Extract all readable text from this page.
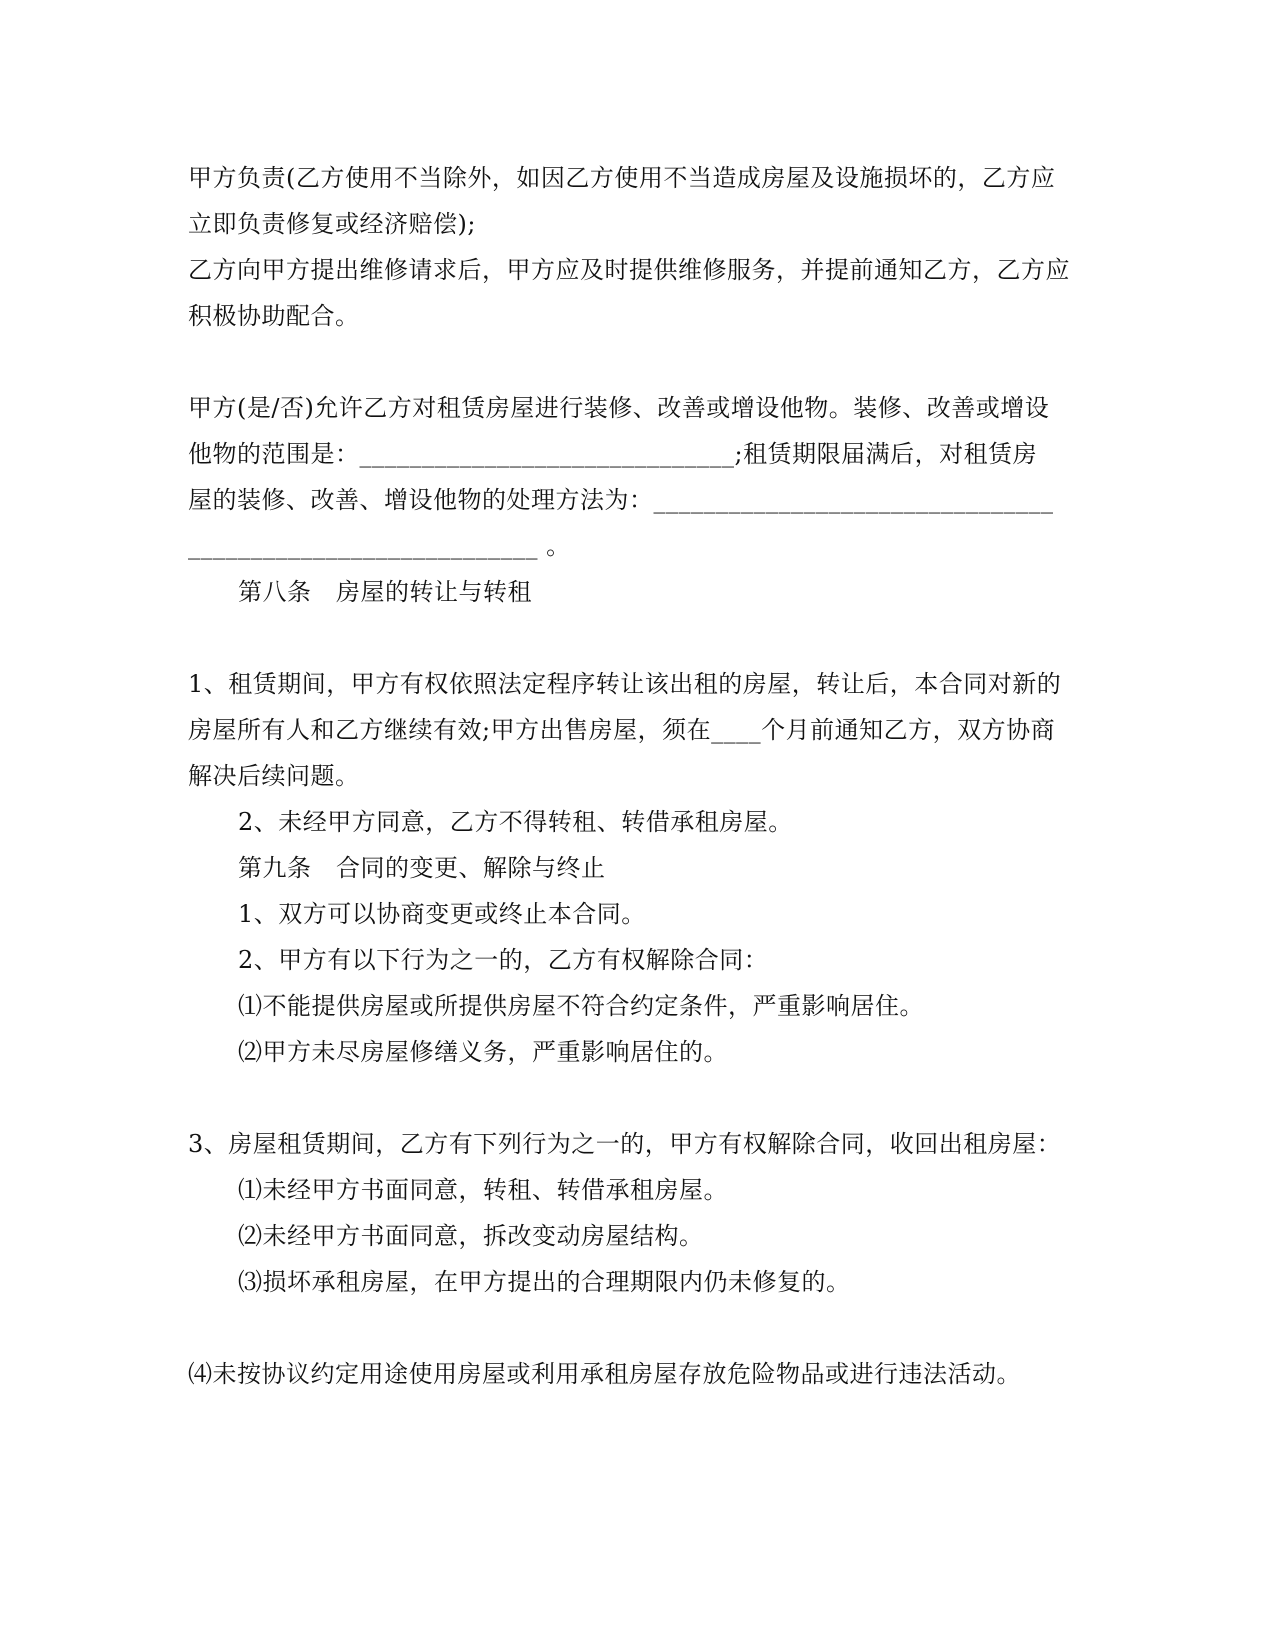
甲方负责(乙方使用不当除外，如因乙方使用不当造成房屋及设施损坏的，乙方应
立即负责修复或经济赔偿);
乙方向甲方提出维修请求后，甲方应及时提供维修服务，并提前通知乙方，乙方应
积极协助配合。
甲方(是/否)允许乙方对租赁房屋进行装修、改善或增设他物。装修、改善或增设
他物的范围是：______________________________;租赁期限届满后，对租赁房
屋的装修、改善、增设他物的处理方法为：________________________________
____________________________ 。
第八条　房屋的转让与转租
1、租赁期间，甲方有权依照法定程序转让该出租的房屋，转让后，本合同对新的
房屋所有人和乙方继续有效;甲方出售房屋，须在____个月前通知乙方，双方协商
解决后续问题。
2、未经甲方同意，乙方不得转租、转借承租房屋。
第九条　合同的变更、解除与终止
1、双方可以协商变更或终止本合同。
2、甲方有以下行为之一的，乙方有权解除合同：
⑴不能提供房屋或所提供房屋不符合约定条件，严重影响居住。
⑵甲方未尽房屋修缮义务，严重影响居住的。
3、房屋租赁期间，乙方有下列行为之一的，甲方有权解除合同，收回出租房屋：
⑴未经甲方书面同意，转租、转借承租房屋。
⑵未经甲方书面同意，拆改变动房屋结构。
⑶损坏承租房屋，在甲方提出的合理期限内仍未修复的。
⑷未按协议约定用途使用房屋或利用承租房屋存放危险物品或进行违法活动。
